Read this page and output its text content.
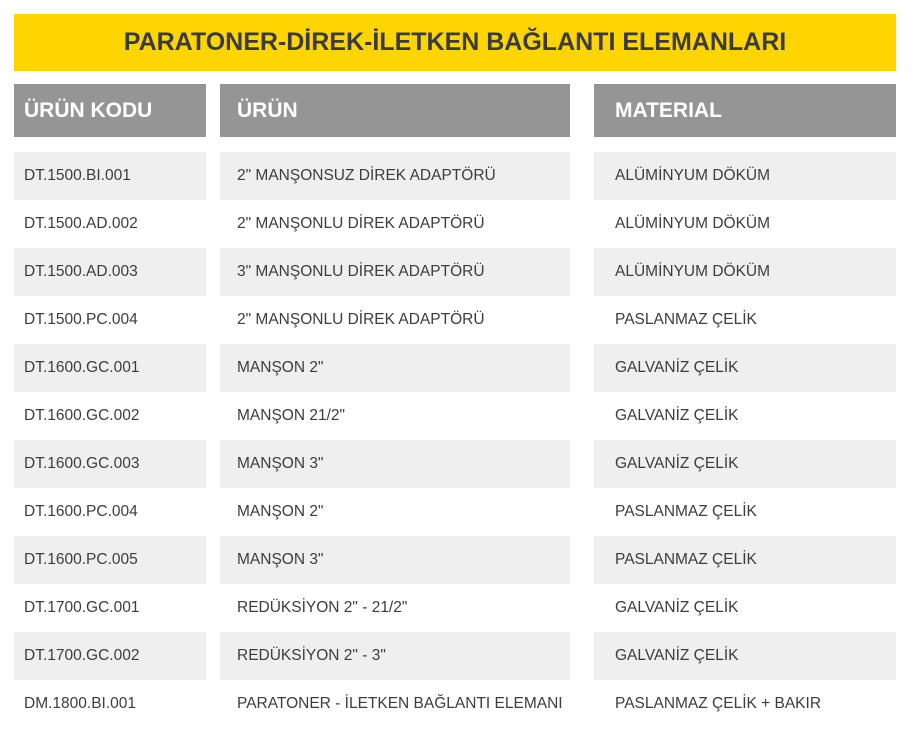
PARATONER-DİREK-İLETKEN BAĞLANTI ELEMANLARI
ÜRÜN KODU	ÜRÜN	MATERIAL
DT.1500.BI.001	2" MANŞONSUZ DİREK ADAPTÖRÜ	ALÜMİNYUM DÖKÜM
DT.1500.AD.002	2" MANŞONLU DİREK ADAPTÖRÜ	ALÜMİNYUM DÖKÜM
DT.1500.AD.003	3" MANŞONLU DİREK ADAPTÖRÜ	ALÜMİNYUM DÖKÜM
DT.1500.PC.004	2" MANŞONLU DİREK ADAPTÖRÜ	PASLANMAZ ÇELİK
DT.1600.GC.001	MANŞON 2"	GALVANİZ ÇELİK
DT.1600.GC.002	MANŞON 21/2"	GALVANİZ ÇELİK
DT.1600.GC.003	MANŞON 3"	GALVANİZ ÇELİK
DT.1600.PC.004	MANŞON 2"	PASLANMAZ ÇELİK
DT.1600.PC.005	MANŞON 3"	PASLANMAZ ÇELİK
DT.1700.GC.001	REDÜKSİYON 2" - 21/2"	GALVANİZ ÇELİK
DT.1700.GC.002	REDÜKSİYON 2" - 3"	GALVANİZ ÇELİK
DM.1800.BI.001	PARATONER - İLETKEN BAĞLANTI ELEMANI	PASLANMAZ ÇELİK + BAKIR
